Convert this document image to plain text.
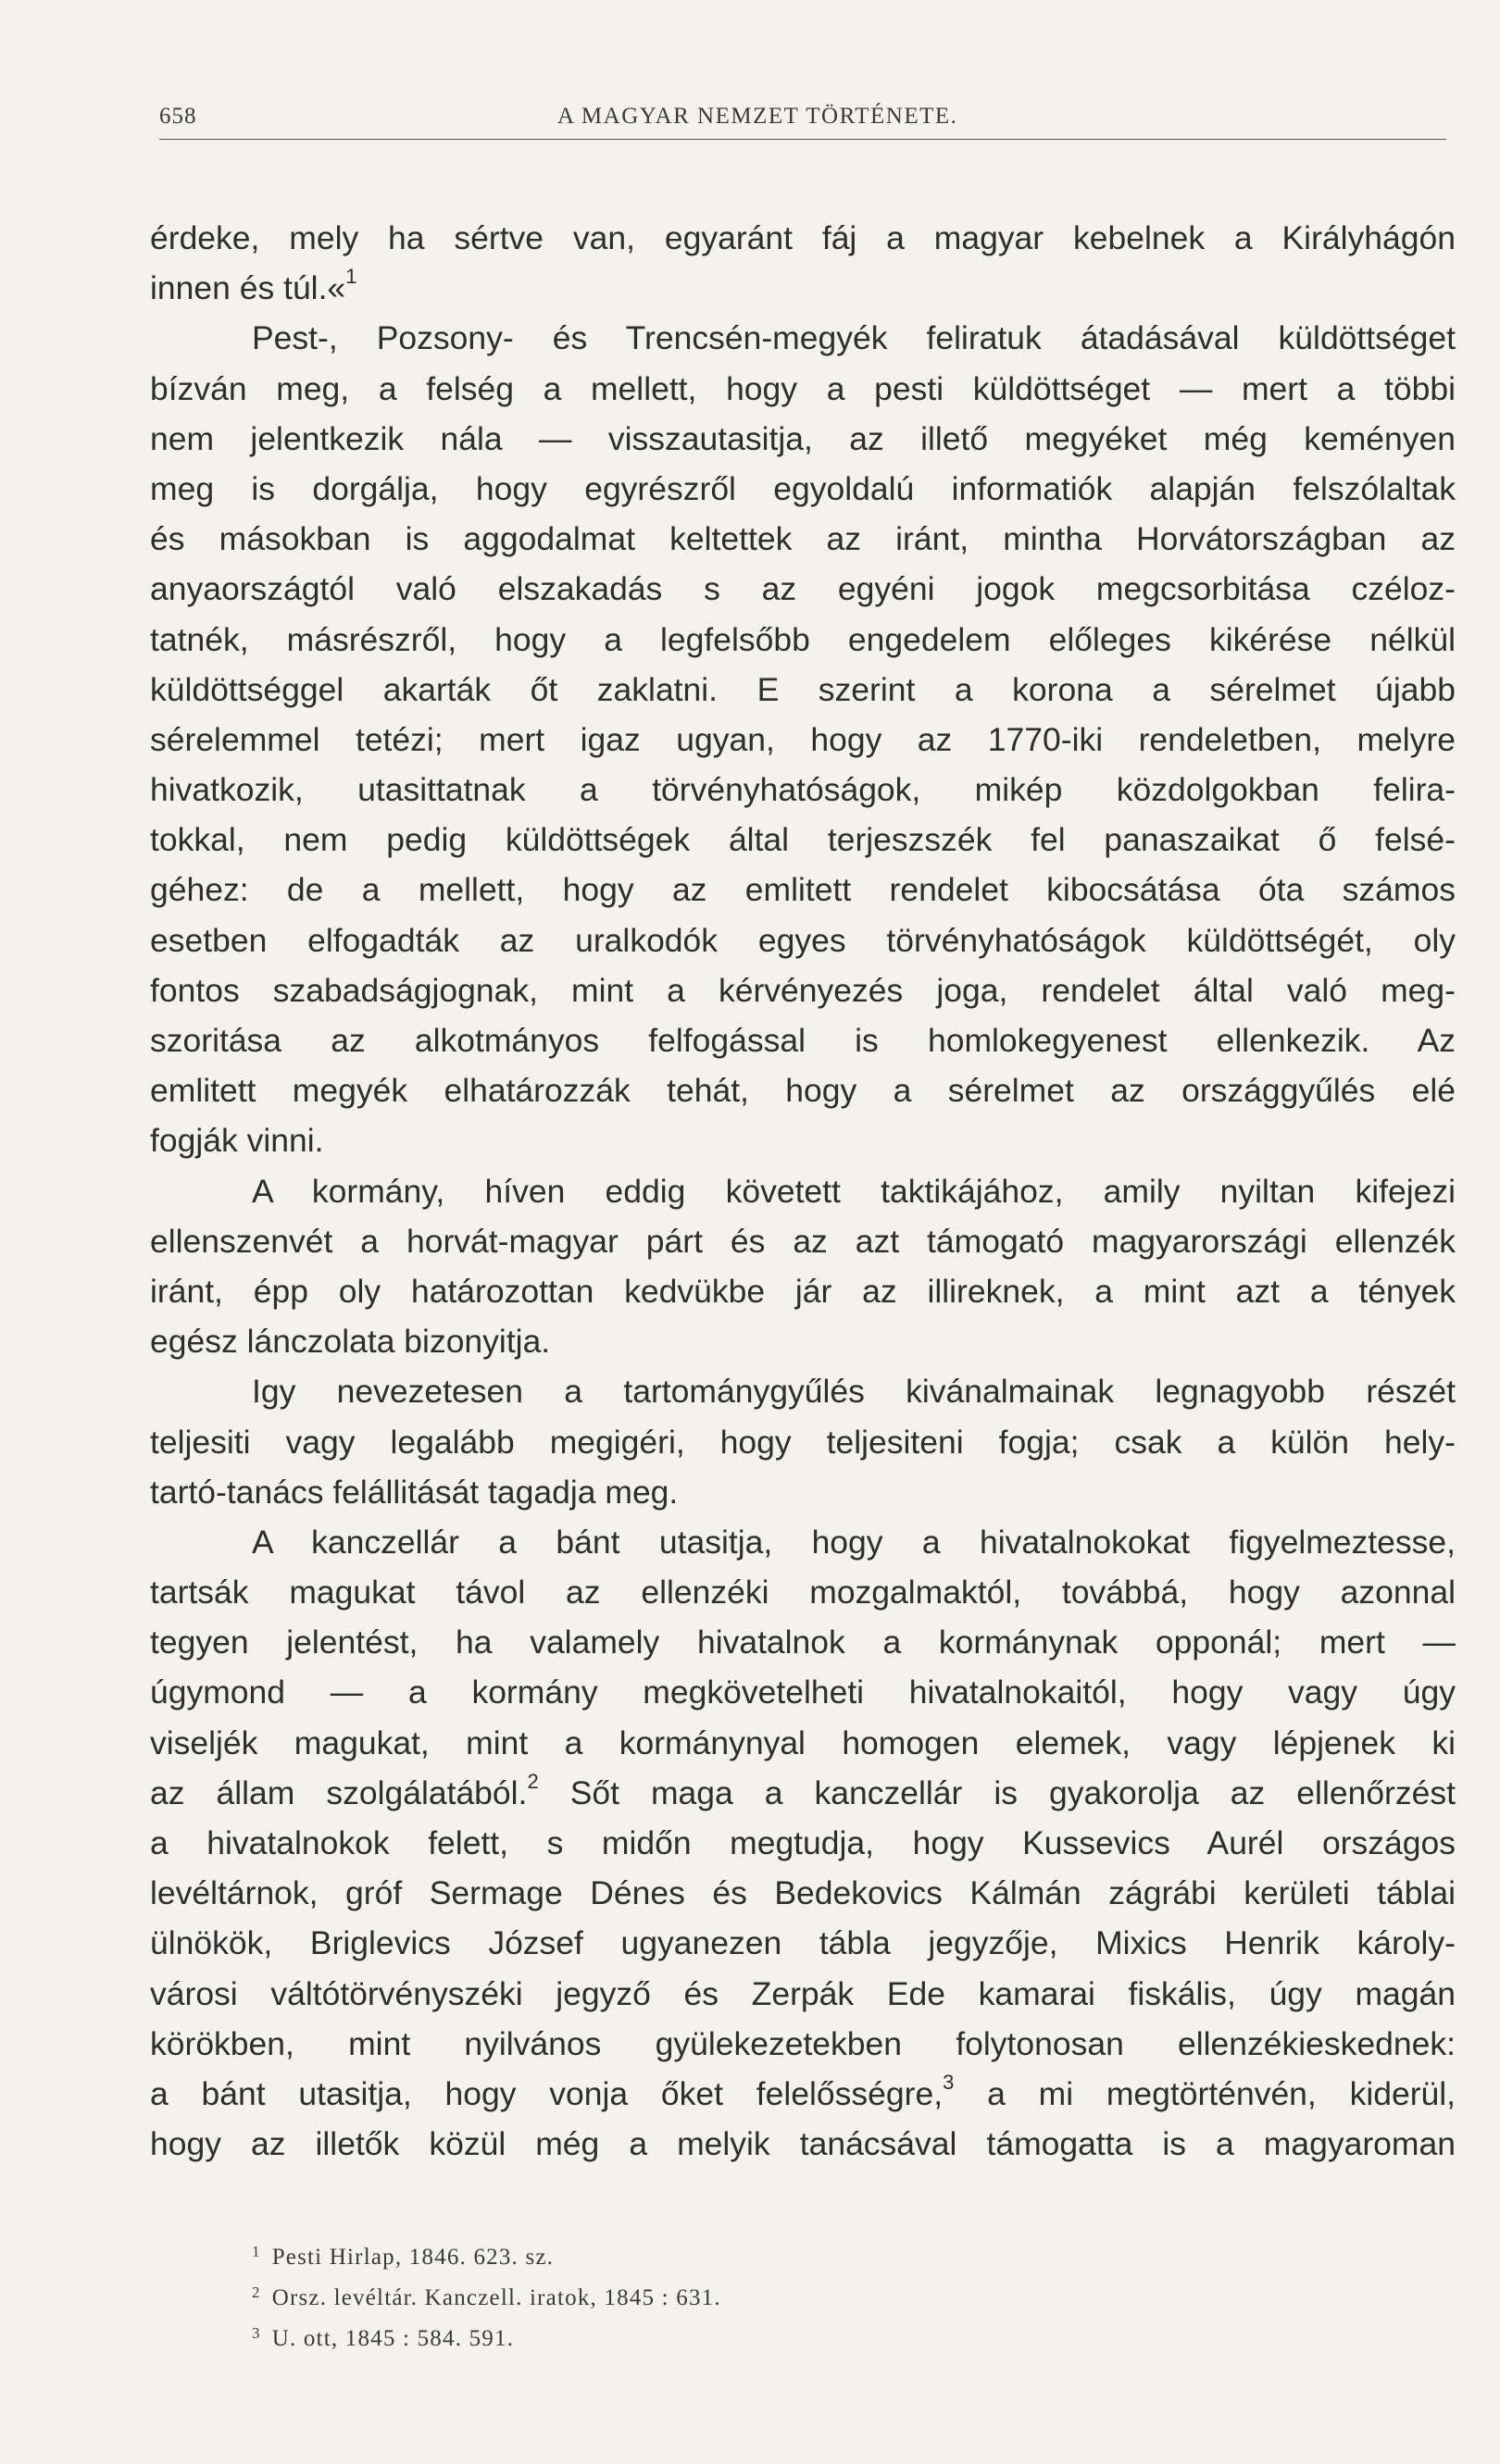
658	A MAGYAR NEMZET TÖRTÉNETE.
érdeke, mely ha sértve van, egyaránt fáj a magyar kebelnek a Királyhágón
innen és túl.«$^1$
Pest-, Pozsony- és Trencsén-megyék feliratuk átadásával küldöttséget
bízván meg, a felség a mellett, hogy a pesti küldöttséget — mert a többi
nem jelentkezik nála — visszautasitja, az illető megyéket még keményen
meg is dorgálja, hogy egyrészről egyoldalú informatiók alapján felszólaltak
és másokban is aggodalmat keltettek az iránt, mintha Horvátországban az
anyaországtól való elszakadás s az egyéni jogok megcsorbitása czéloz-
tatnék, másrészről, hogy a legfelsőbb engedelem előleges kikérése nélkül
küldöttséggel akarták őt zaklatni. E szerint a korona a sérelmet újabb
sérelemmel tetézi; mert igaz ugyan, hogy az 1770-iki rendeletben, melyre
hivatkozik, utasittatnak a törvényhatóságok, mikép közdolgokban felira-
tokkal, nem pedig küldöttségek által terjeszszék fel panaszaikat ő felsé-
géhez: de a mellett, hogy az emlitett rendelet kibocsátása óta számos
esetben elfogadták az uralkodók egyes törvényhatóságok küldöttségét, oly
fontos szabadságjognak, mint a kérvényezés joga, rendelet által való meg-
szoritása az alkotmányos felfogással is homlokegyenest ellenkezik. Az
emlitett megyék elhatározzák tehát, hogy a sérelmet az országgyűlés elé
fogják vinni.
A kormány, híven eddig követett taktikájához, amily nyiltan kifejezi
ellenszenvét a horvát-magyar párt és az azt támogató magyarországi ellenzék
iránt, épp oly határozottan kedvükbe jár az illireknek, a mint azt a tények
egész lánczolata bizonyitja.
Igy nevezetesen a tartománygyűlés kivánalmainak legnagyobb részét
teljesiti vagy legalább megigéri, hogy teljesiteni fogja; csak a külön hely-
tartó-tanács felállitását tagadja meg.
A kanczellár a bánt utasitja, hogy a hivatalnokokat figyelmeztesse,
tartsák magukat távol az ellenzéki mozgalmaktól, továbbá, hogy azonnal
tegyen jelentést, ha valamely hivatalnok a kormánynak opponál; mert —
úgymond — a kormány megkövetelheti hivatalnokaitól, hogy vagy úgy
viseljék magukat, mint a kormánynyal homogen elemek, vagy lépjenek ki
az állam szolgálatából.$^2$ Sőt maga a kanczellár is gyakorolja az ellenőrzést
a hivatalnokok felett, s midőn megtudja, hogy Kussevics Aurél országos
levéltárnok, gróf Sermage Dénes és Bedekovics Kálmán zágrábi kerületi táblai
ülnökök, Briglevics József ugyanezen tábla jegyzője, Mixics Henrik károly-
városi váltótörvényszéki jegyző és Zerpák Ede kamarai fiskális, úgy magán
körökben, mint nyilvános gyülekezetekben folytonosan ellenzékieskednek:
a bánt utasitja, hogy vonja őket felelősségre,$^3$ a mi megtörténvén, kiderül,
hogy az illetők közül még a melyik tanácsával támogatta is a magyaroman
$^1$ Pesti Hirlap, 1846. 623. sz.
$^2$ Orsz. levéltár. Kanczell. iratok, 1845 : 631.
$^3$ U. ott, 1845 : 584. 591.
